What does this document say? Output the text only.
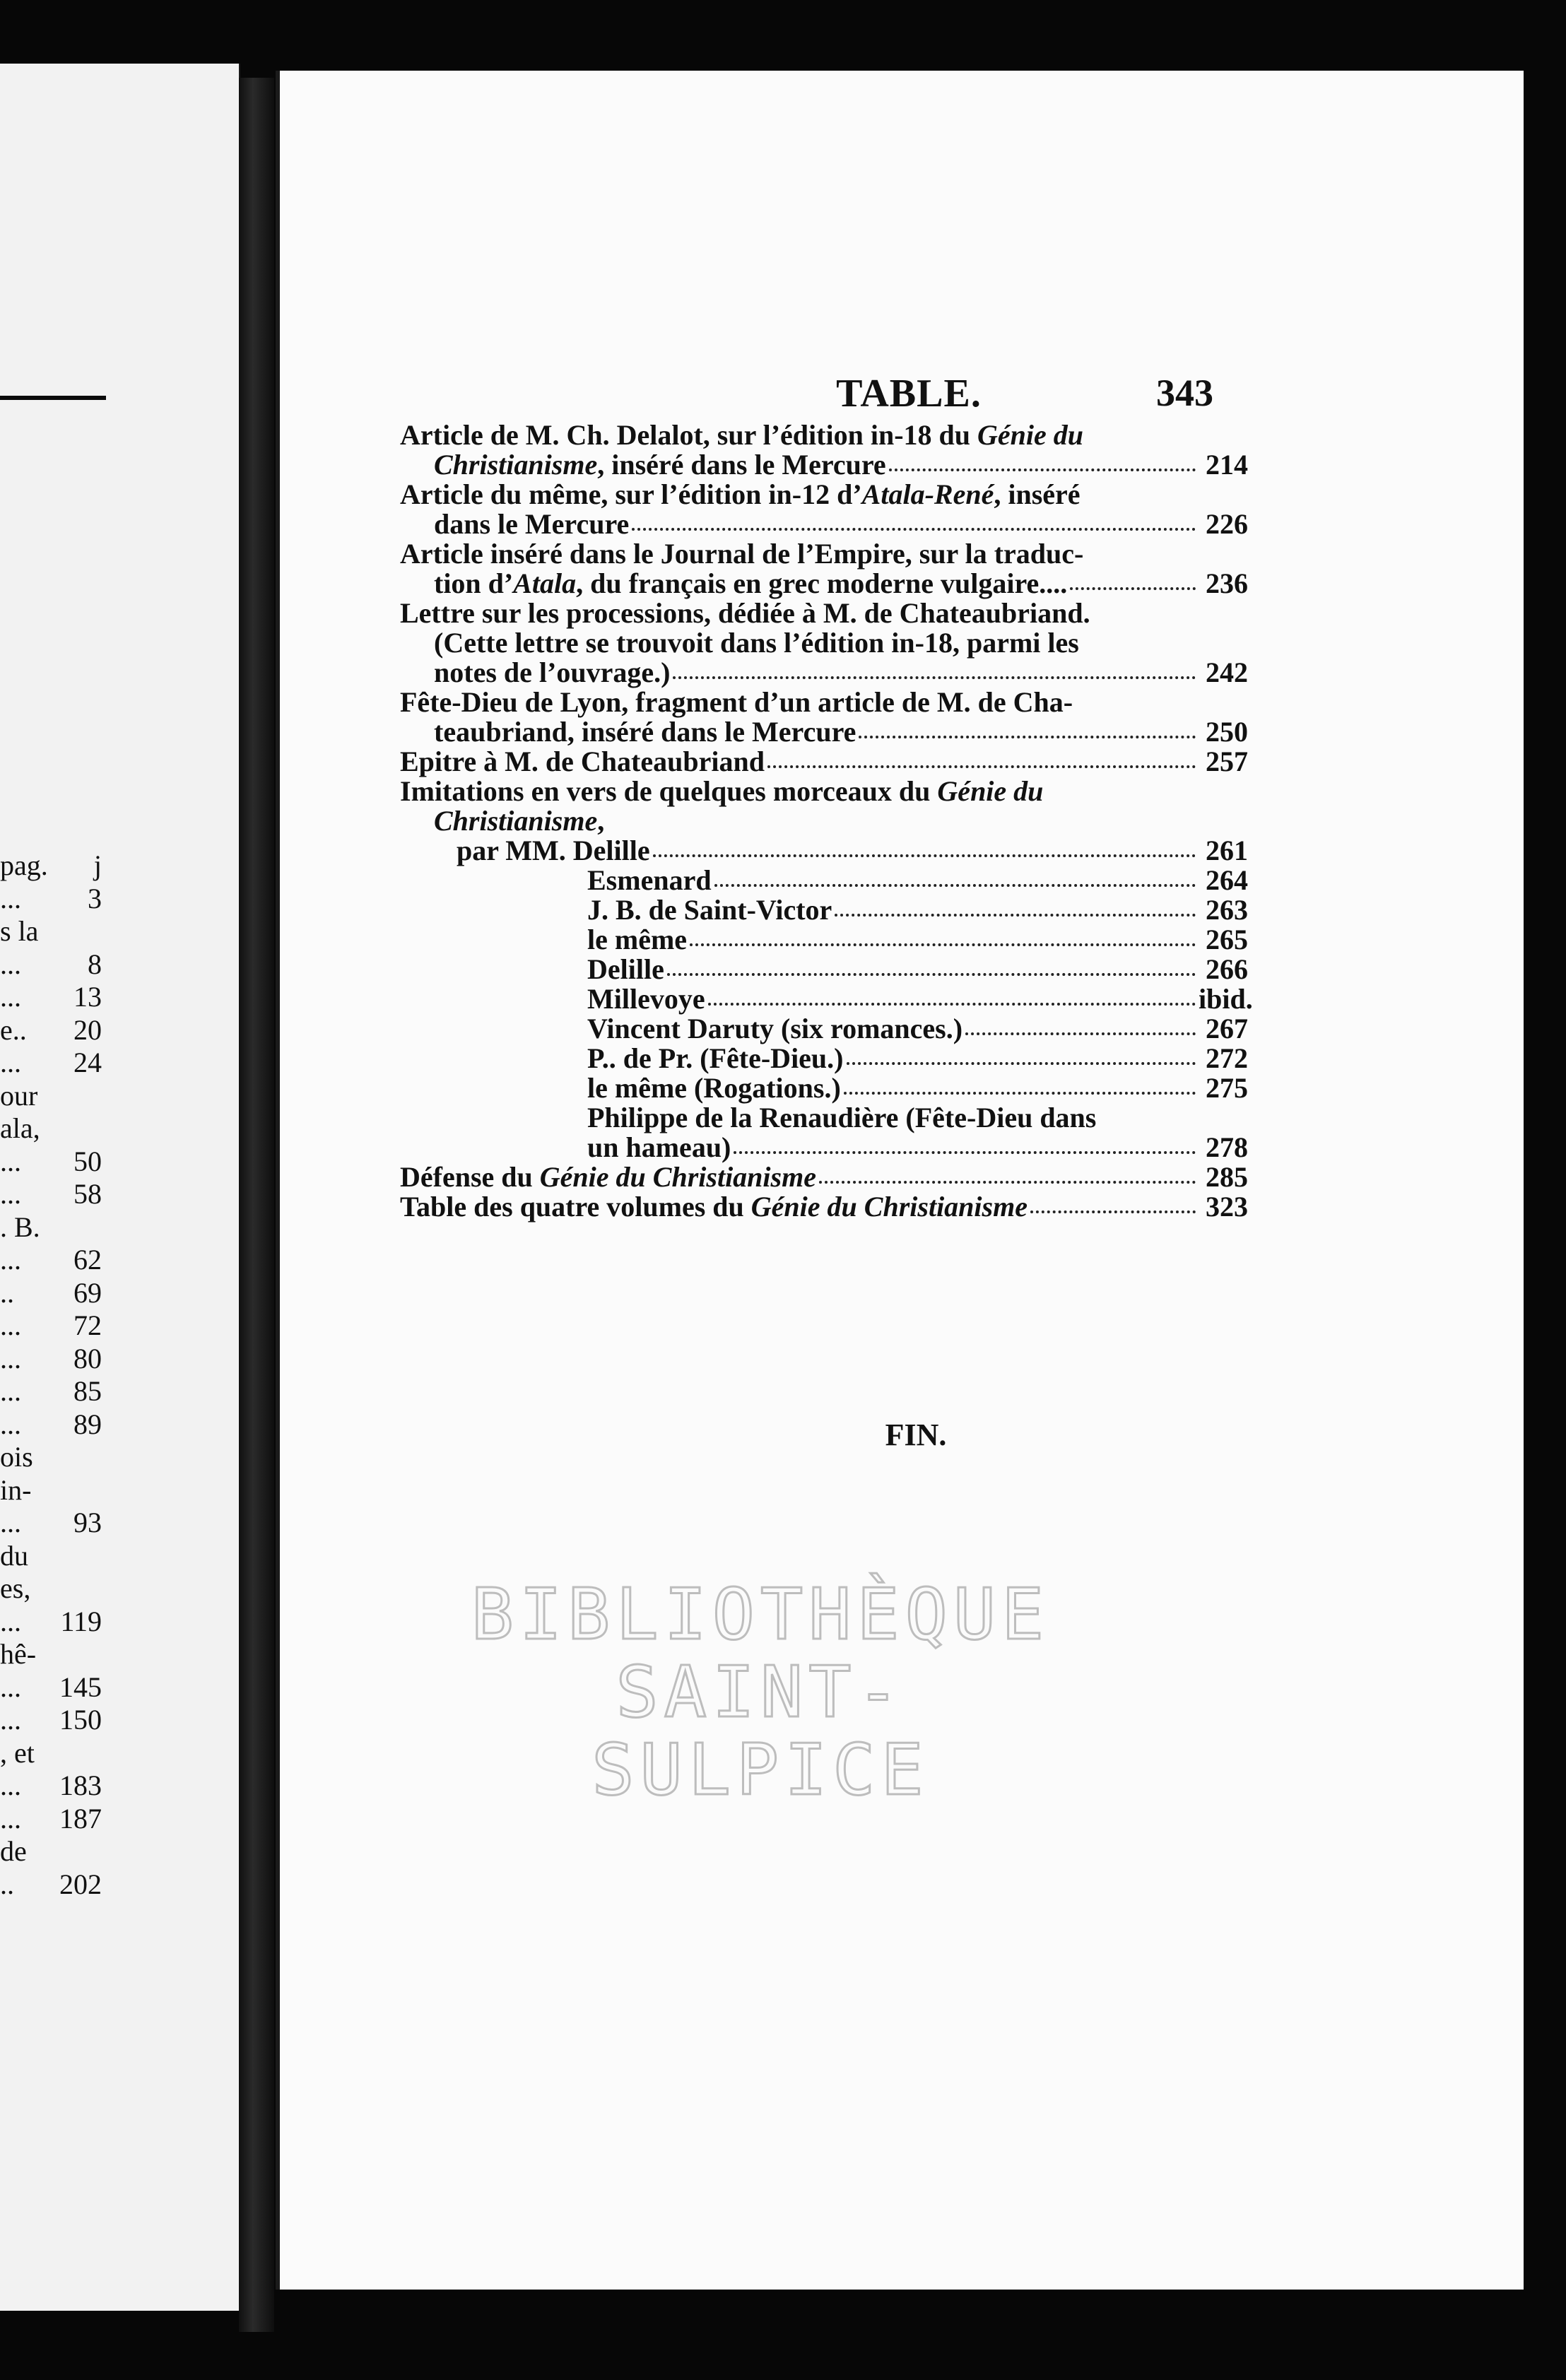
pag. j
... 3
s la
... 8
... 13
e.. 20
... 24
our
ala,
... 50
... 58
. B.
... 62
.. 69
... 72
... 80
... 85
... 89
ois
in-
... 93
du
es,
... 119
hê-
... 145
... 150
, et
... 183
... 187
de
.. 202
TABLE.	343
Article de M. Ch. Delalot, sur l’édition in-18 du Génie du
Christianisme, inséré dans le Mercure	214
Article du même, sur l’édition in-12 d’Atala-René, inséré
dans le Mercure	226
Article inséré dans le Journal de l’Empire, sur la traduc-
tion d’Atala, du français en grec moderne vulgaire....	236
Lettre sur les processions, dédiée à M. de Chateaubriand.
(Cette lettre se trouvoit dans l’édition in-18, parmi les
notes de l’ouvrage.)	242
Fête-Dieu de Lyon, fragment d’un article de M. de Cha-
teaubriand, inséré dans le Mercure	250
Epitre à M. de Chateaubriand	257
Imitations en vers de quelques morceaux du Génie du
Christianisme,
par MM. Delille	261
Esmenard	264
J. B. de Saint-Victor	263
le même	265
Delille	266
Millevoye	ibid.
Vincent Daruty (six romances.)	267
P.. de Pr. (Fête-Dieu.)	272
le même (Rogations.)	275
Philippe de la Renaudière (Fête-Dieu dans
un hameau)	278
Défense du Génie du Christianisme	285
Table des quatre volumes du Génie du Christianisme	323
FIN.
BIBLIOTHÈQUE
SAINT-SULPICE
